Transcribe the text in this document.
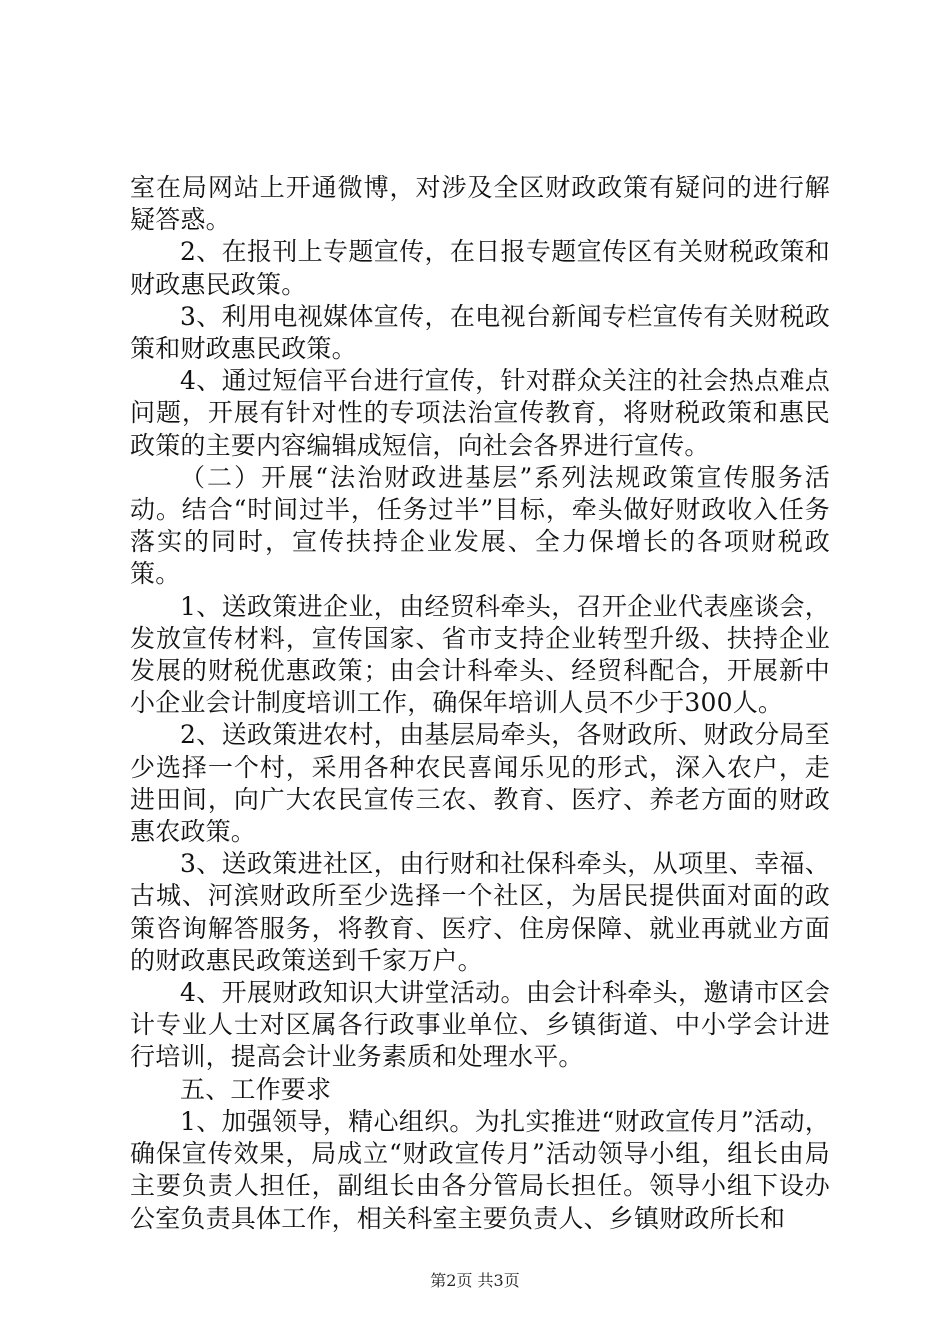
室在局网站上开通微博，对涉及全区财政政策有疑问的进行解疑答惑。

2、在报刊上专题宣传，在日报专题宣传区有关财税政策和财政惠民政策。

3、利用电视媒体宣传，在电视台新闻专栏宣传有关财税政策和财政惠民政策。

4、通过短信平台进行宣传，针对群众关注的社会热点难点问题，开展有针对性的专项法治宣传教育，将财税政策和惠民政策的主要内容编辑成短信，向社会各界进行宣传。

（二）开展“法治财政进基层”系列法规政策宣传服务活动。结合“时间过半，任务过半”目标，牵头做好财政收入任务落实的同时，宣传扶持企业发展、全力保增长的各项财税政策。

1、送政策进企业，由经贸科牵头，召开企业代表座谈会，发放宣传材料，宣传国家、省市支持企业转型升级、扶持企业发展的财税优惠政策；由会计科牵头、经贸科配合，开展新中小企业会计制度培训工作，确保年培训人员不少于300人。

2、送政策进农村，由基层局牵头，各财政所、财政分局至少选择一个村，采用各种农民喜闻乐见的形式，深入农户，走进田间，向广大农民宣传三农、教育、医疗、养老方面的财政惠农政策。

3、送政策进社区，由行财和社保科牵头，从项里、幸福、古城、河滨财政所至少选择一个社区，为居民提供面对面的政策咨询解答服务，将教育、医疗、住房保障、就业再就业方面的财政惠民政策送到千家万户。

4、开展财政知识大讲堂活动。由会计科牵头，邀请市区会计专业人士对区属各行政事业单位、乡镇街道、中小学会计进行培训，提高会计业务素质和处理水平。

五、工作要求

1、加强领导，精心组织。为扎实推进“财政宣传月”活动，确保宣传效果，局成立“财政宣传月”活动领导小组，组长由局主要负责人担任，副组长由各分管局长担任。领导小组下设办公室负责具体工作，相关科室主要负责人、乡镇财政所长和

第2页 共3页
